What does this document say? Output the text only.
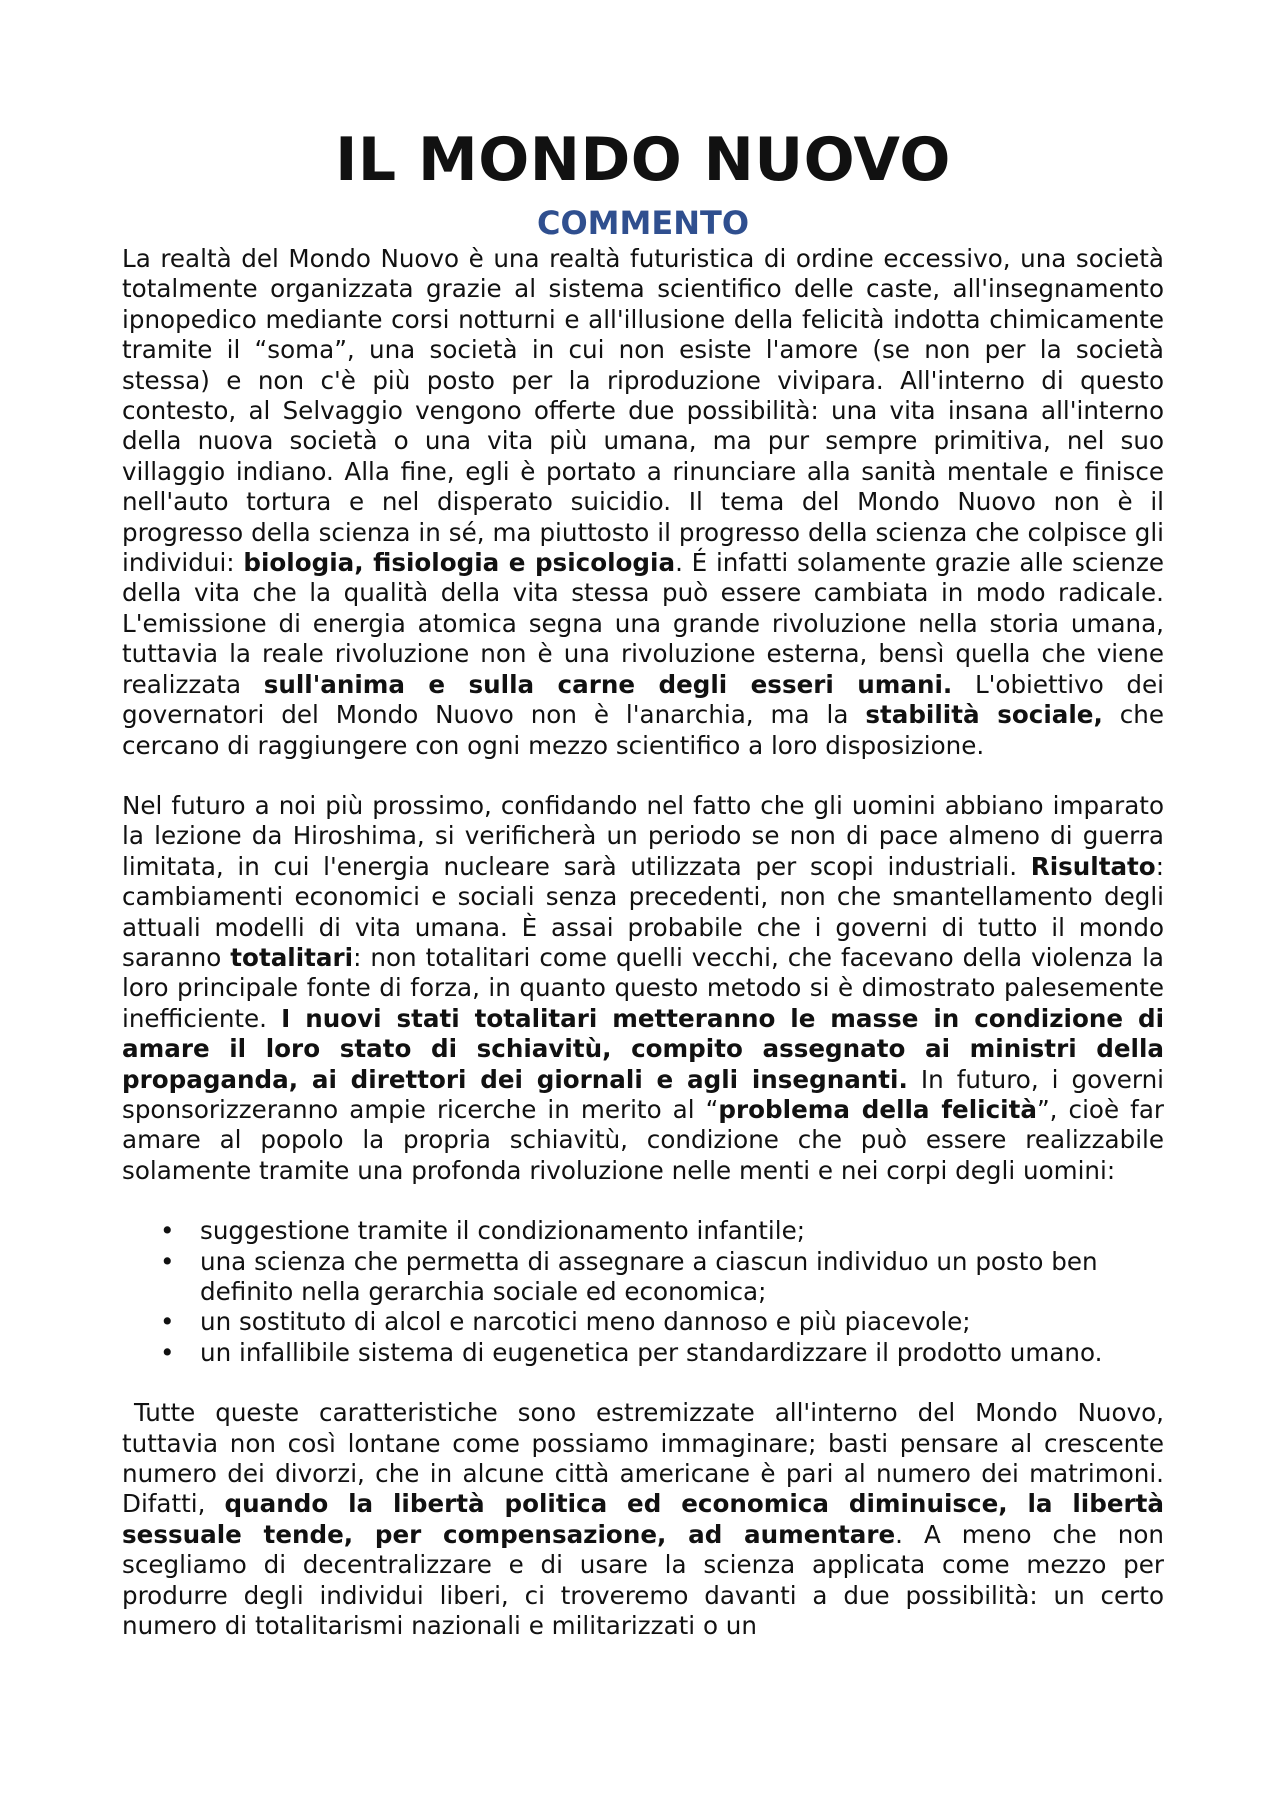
IL MONDO NUOVO
COMMENTO

La realtà del Mondo Nuovo è una realtà futuristica di ordine eccessivo, una società totalmente organizzata grazie al sistema scientifico delle caste, all'insegnamento ipnopedico mediante corsi notturni e all'illusione della felicità indotta chimicamente tramite il “soma”, una società in cui non esiste l'amore (se non per la società stessa) e non c'è più posto per la riproduzione vivipara. All'interno di questo contesto, al Selvaggio vengono offerte due possibilità: una vita insana all'interno della nuova società o una vita più umana, ma pur sempre primitiva, nel suo villaggio indiano. Alla fine, egli è portato a rinunciare alla sanità mentale e finisce nell'auto tortura e nel disperato suicidio. Il tema del Mondo Nuovo non è il progresso della scienza in sé, ma piuttosto il progresso della scienza che colpisce gli individui: biologia, fisiologia e psicologia. É infatti solamente grazie alle scienze della vita che la qualità della vita stessa può essere cambiata in modo radicale. L'emissione di energia atomica segna una grande rivoluzione nella storia umana, tuttavia la reale rivoluzione non è una rivoluzione esterna, bensì quella che viene realizzata sull'anima e sulla carne degli esseri umani. L'obiettivo dei governatori del Mondo Nuovo non è l'anarchia, ma la stabilità sociale, che cercano di raggiungere con ogni mezzo scientifico a loro disposizione.

Nel futuro a noi più prossimo, confidando nel fatto che gli uomini abbiano imparato la lezione da Hiroshima, si verificherà un periodo se non di pace almeno di guerra limitata, in cui l'energia nucleare sarà utilizzata per scopi industriali. Risultato: cambiamenti economici e sociali senza precedenti, non che smantellamento degli attuali modelli di vita umana. È assai probabile che i governi di tutto il mondo saranno totalitari: non totalitari come quelli vecchi, che facevano della violenza la loro principale fonte di forza, in quanto questo metodo si è dimostrato palesemente inefficiente. I nuovi stati totalitari metteranno le masse in condizione di amare il loro stato di schiavitù, compito assegnato ai ministri della propaganda, ai direttori dei giornali e agli insegnanti. In futuro, i governi sponsorizzeranno ampie ricerche in merito al “problema della felicità”, cioè far amare al popolo la propria schiavitù, condizione che può essere realizzabile solamente tramite una profonda rivoluzione nelle menti e nei corpi degli uomini:

• suggestione tramite il condizionamento infantile;
• una scienza che permetta di assegnare a ciascun individuo un posto ben definito nella gerarchia sociale ed economica;
• un sostituto di alcol e narcotici meno dannoso e più piacevole;
• un infallibile sistema di eugenetica per standardizzare il prodotto umano.

Tutte queste caratteristiche sono estremizzate all'interno del Mondo Nuovo, tuttavia non così lontane come possiamo immaginare; basti pensare al crescente numero dei divorzi, che in alcune città americane è pari al numero dei matrimoni. Difatti, quando la libertà politica ed economica diminuisce, la libertà sessuale tende, per compensazione, ad aumentare. A meno che non scegliamo di decentralizzare e di usare la scienza applicata come mezzo per produrre degli individui liberi, ci troveremo davanti a due possibilità: un certo numero di totalitarismi nazionali e militarizzati o un
